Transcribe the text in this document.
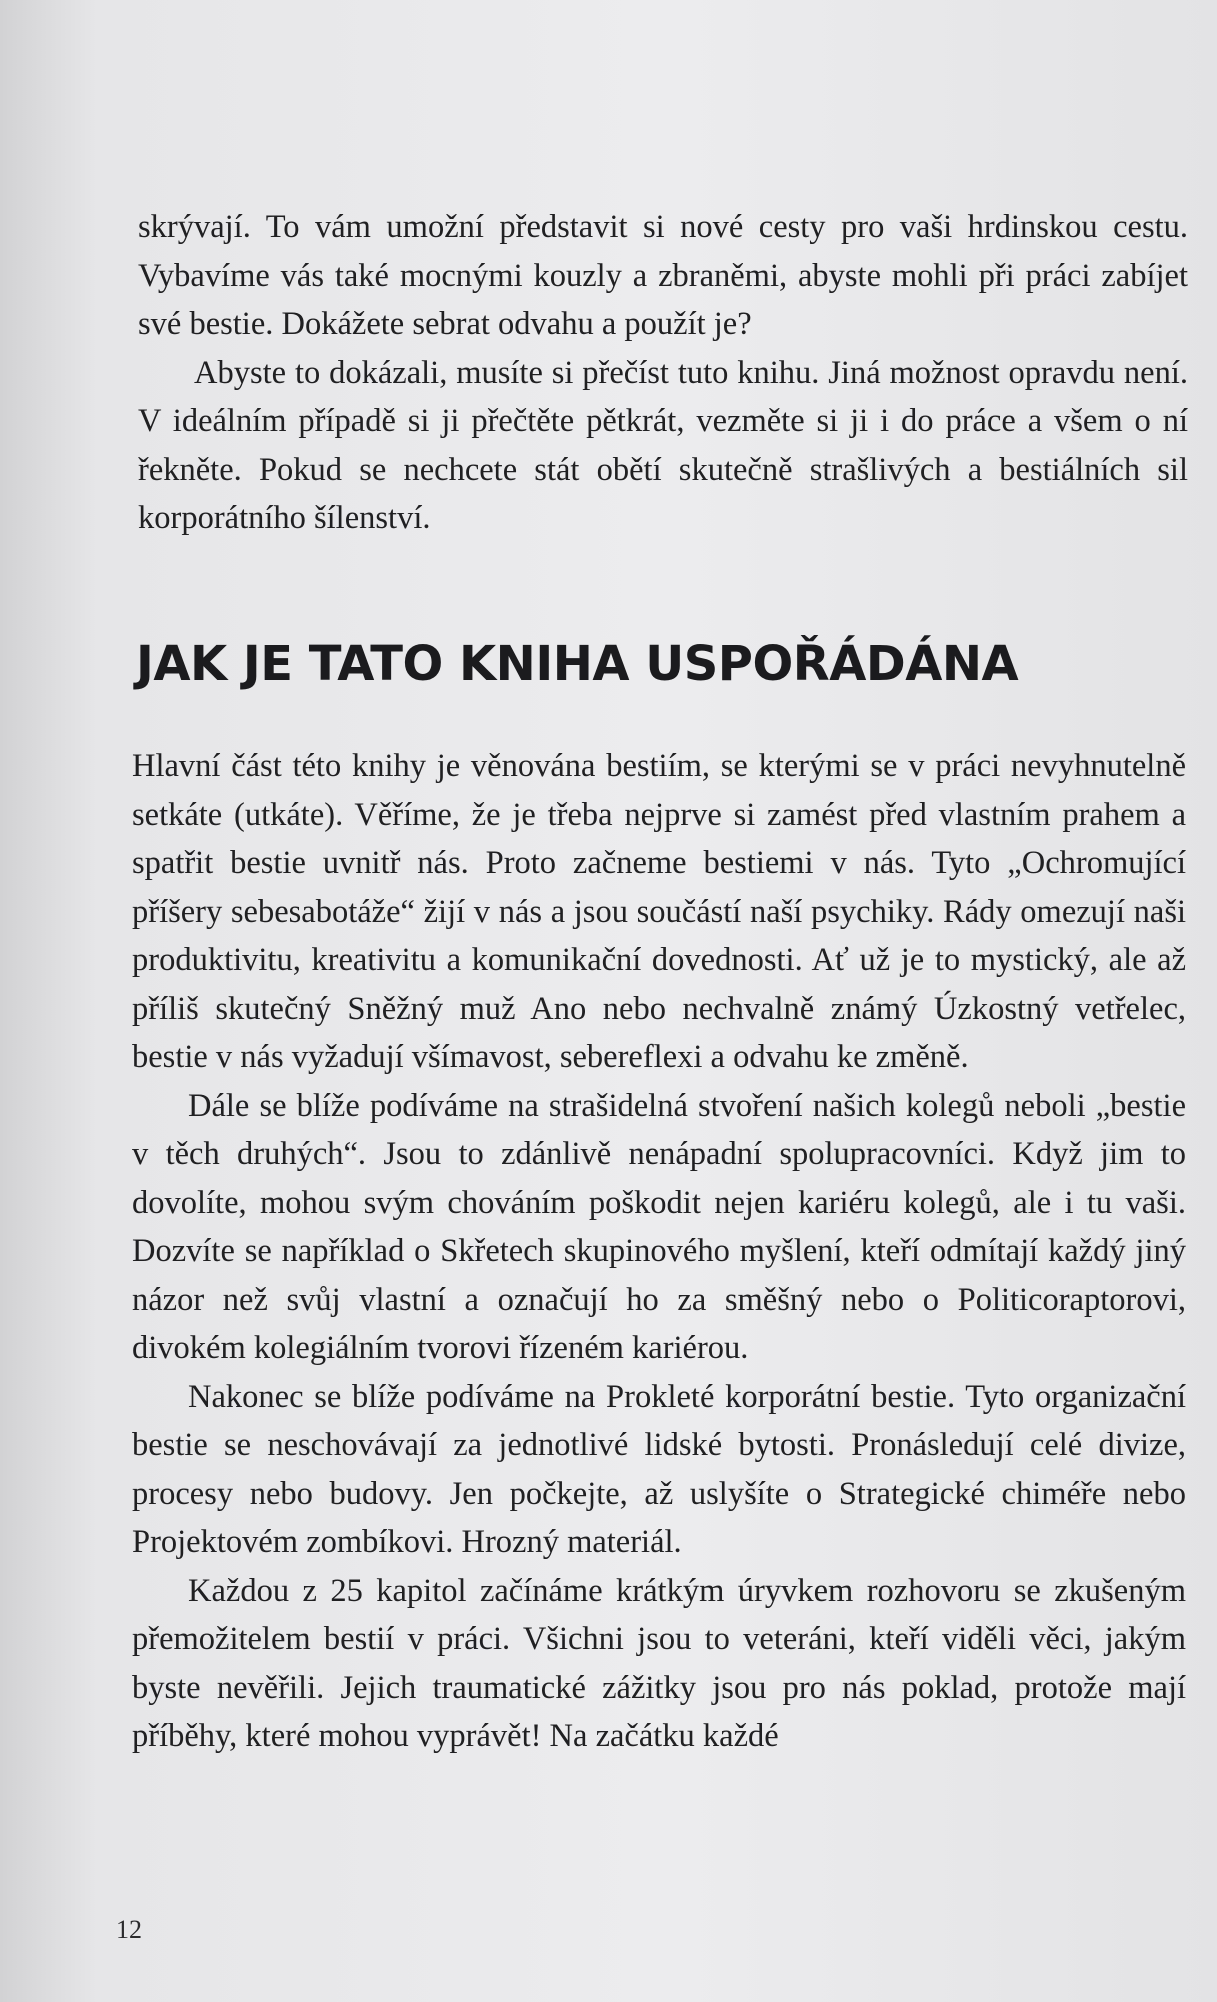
skrývají. To vám umožní představit si nové cesty pro vaši hrdinskou cestu. Vybavíme vás také mocnými kouzly a zbraněmi, abyste mohli při práci zabíjet své bestie. Dokážete sebrat odvahu a použít je?

Abyste to dokázali, musíte si přečíst tuto knihu. Jiná možnost opravdu není. V ideálním případě si ji přečtěte pětkrát, vezměte si ji i do práce a všem o ní řekněte. Pokud se nechcete stát obětí skutečně strašlivých a bestiálních sil korporátního šílenství.

JAK JE TATO KNIHA USPOŘÁDÁNA

Hlavní část této knihy je věnována bestiím, se kterými se v práci nevyhnutelně setkáte (utkáte). Věříme, že je třeba nejprve si zamést před vlastním prahem a spatřit bestie uvnitř nás. Proto začneme bestiemi v nás. Tyto „Ochromující příšery sebesabotáže“ žijí v nás a jsou součástí naší psychiky. Rády omezují naši produktivitu, kreativitu a komunikační dovednosti. Ať už je to mystický, ale až příliš skutečný Sněžný muž Ano nebo nechvalně známý Úzkostný vetřelec, bestie v nás vyžadují všímavost, sebereflexi a odvahu ke změně.

Dále se blíže podíváme na strašidelná stvoření našich kolegů neboli „bestie v těch druhých“. Jsou to zdánlivě nenápadní spolupracovníci. Když jim to dovolíte, mohou svým chováním poškodit nejen kariéru kolegů, ale i tu vaši. Dozvíte se například o Skřetech skupinového myšlení, kteří odmítají každý jiný názor než svůj vlastní a označují ho za směšný nebo o Politicoraptorovi, divokém kolegiálním tvorovi řízeném kariérou.

Nakonec se blíže podíváme na Prokleté korporátní bestie. Tyto organizační bestie se neschovávají za jednotlivé lidské bytosti. Pronásledují celé divize, procesy nebo budovy. Jen počkejte, až uslyšíte o Strategické chiméře nebo Projektovém zombíkovi. Hrozný materiál.

Každou z 25 kapitol začínáme krátkým úryvkem rozhovoru se zkušeným přemožitelem bestií v práci. Všichni jsou to veteráni, kteří viděli věci, jakým byste nevěřili. Jejich traumatické zážitky jsou pro nás poklad, protože mají příběhy, které mohou vyprávět! Na začátku každé

12
